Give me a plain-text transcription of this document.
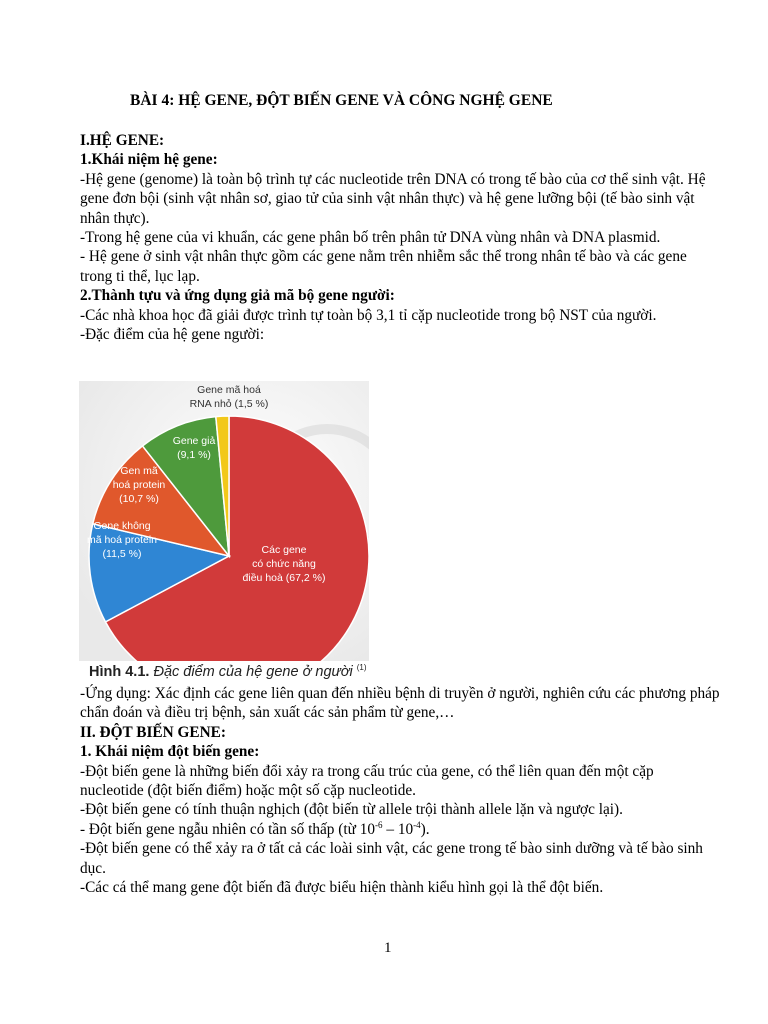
BÀI 4: HỆ GENE, ĐỘT BIẾN GENE VÀ CÔNG NGHỆ GENE

I.HỆ GENE:

1.Khái niệm hệ gene:

-Hệ gene (genome) là toàn bộ trình tự các nucleotide trên DNA có trong tế bào của cơ thể sinh vật. Hệ gene đơn bội (sinh vật nhân sơ, giao tử của sinh vật nhân thực) và hệ gene lưỡng bội (tế bào sinh vật nhân thực).

-Trong hệ gene của vi khuẩn, các gene phân bố trên phân tử DNA vùng nhân và DNA plasmid.

- Hệ gene ở sinh vật nhân thực gồm các gene nằm trên nhiễm sắc thể trong nhân tế bào và các gene trong ti thể, lục lạp.

2.Thành tựu và ứng dụng giả mã bộ gene người:

-Các nhà khoa học đã giải được trình tự toàn bộ 3,1 tỉ cặp nucleotide trong bộ NST của người.

-Đặc điểm của hệ gene người:

Các gene có chức năng điều hoà (67,2 %)
Gene không mã hoá protein (11,5 %)
Gen mã hoá protein (10,7 %)
Gene giả (9,1 %)
Gene mã hoá RNA nhỏ (1,5 %)
Hình 4.1. Đặc điểm của hệ gene ở người $^{(1)}$

-Ứng dụng: Xác định các gene liên quan đến nhiều bệnh di truyền ở người, nghiên cứu các phương pháp chẩn đoán và điều trị bệnh, sản xuất các sản phẩm từ gene,…

II. ĐỘT BIẾN GENE:

1. Khái niệm đột biến gene:

-Đột biến gene là những biến đổi xảy ra trong cấu trúc của gene, có thể liên quan đến một cặp nucleotide (đột biến điểm) hoặc một số cặp nucleotide.

-Đột biến gene có tính thuận nghịch (đột biến từ allele trội thành allele lặn và ngược lại).

- Đột biến gene ngẫu nhiên có tần số thấp (từ $10^{-6} - 10^{-4}$).

-Đột biến gene có thể xảy ra ở tất cả các loài sinh vật, các gene trong tế bào sinh dưỡng và tế bào sinh dục.

-Các cá thể mang gene đột biến đã được biểu hiện thành kiểu hình gọi là thể đột biến.

1
